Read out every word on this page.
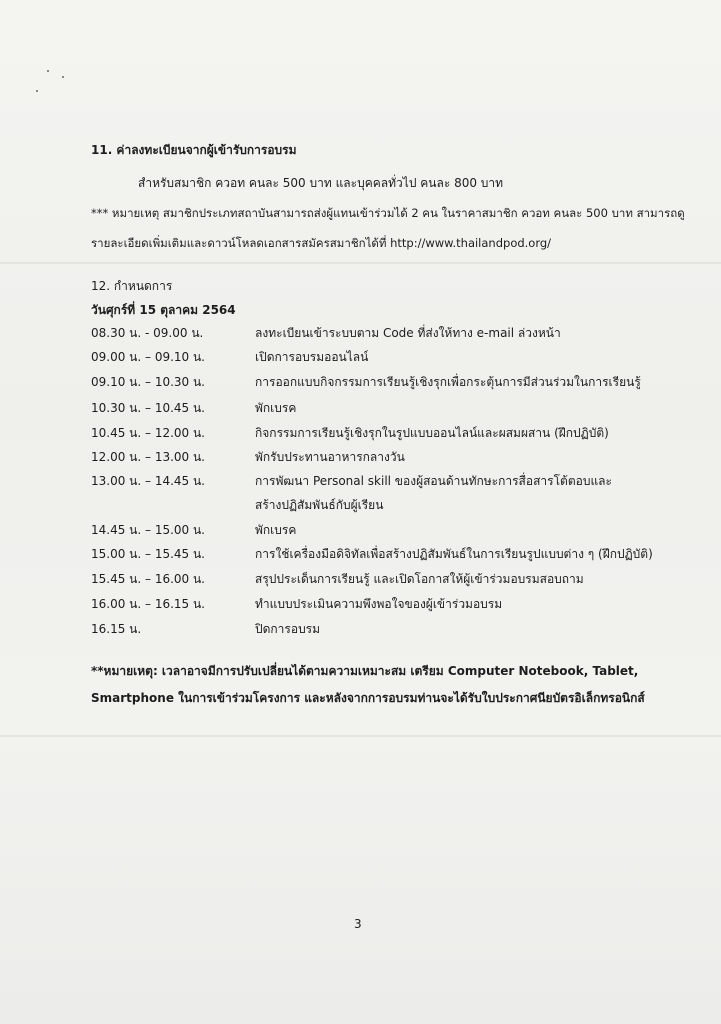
11. ค่าลงทะเบียนจากผู้เข้ารับการอบรม
สำหรับสมาชิก ควอท คนละ 500 บาท และบุคคลทั่วไป คนละ 800 บาท
*** หมายเหตุ สมาชิกประเภทสถาบันสามารถส่งผู้แทนเข้าร่วมได้ 2 คน ในราคาสมาชิก ควอท คนละ 500 บาท สามารถดู
รายละเอียดเพิ่มเติมและดาวน์โหลดเอกสารสมัครสมาชิกได้ที่ http://www.thailandpod.org/
12. กำหนดการ
วันศุกร์ที่ 15 ตุลาคม 2564
08.30 น. - 09.00 น.	ลงทะเบียนเข้าระบบตาม Code ที่ส่งให้ทาง e-mail ล่วงหน้า
09.00 น. – 09.10 น.	เปิดการอบรมออนไลน์
09.10 น. – 10.30 น.	การออกแบบกิจกรรมการเรียนรู้เชิงรุกเพื่อกระตุ้นการมีส่วนร่วมในการเรียนรู้
10.30 น. – 10.45 น.	พักเบรค
10.45 น. – 12.00 น.	กิจกรรมการเรียนรู้เชิงรุกในรูปแบบออนไลน์และผสมผสาน (ฝึกปฏิบัติ)
12.00 น. – 13.00 น.	พักรับประทานอาหารกลางวัน
13.00 น. – 14.45 น.	การพัฒนา Personal skill ของผู้สอนด้านทักษะการสื่อสารโต้ตอบและ
สร้างปฏิสัมพันธ์กับผู้เรียน
14.45 น. – 15.00 น.	พักเบรค
15.00 น. – 15.45 น.	การใช้เครื่องมือดิจิทัลเพื่อสร้างปฏิสัมพันธ์ในการเรียนรูปแบบต่าง ๆ (ฝึกปฏิบัติ)
15.45 น. – 16.00 น.	สรุปประเด็นการเรียนรู้ และเปิดโอกาสให้ผู้เข้าร่วมอบรมสอบถาม
16.00 น. – 16.15 น.	ทำแบบประเมินความพึงพอใจของผู้เข้าร่วมอบรม
16.15 น.	ปิดการอบรม
**หมายเหตุ: เวลาอาจมีการปรับเปลี่ยนได้ตามความเหมาะสม เตรียม Computer Notebook, Tablet,
Smartphone ในการเข้าร่วมโครงการ และหลังจากการอบรมท่านจะได้รับใบประกาศนียบัตรอิเล็กทรอนิกส์
3
